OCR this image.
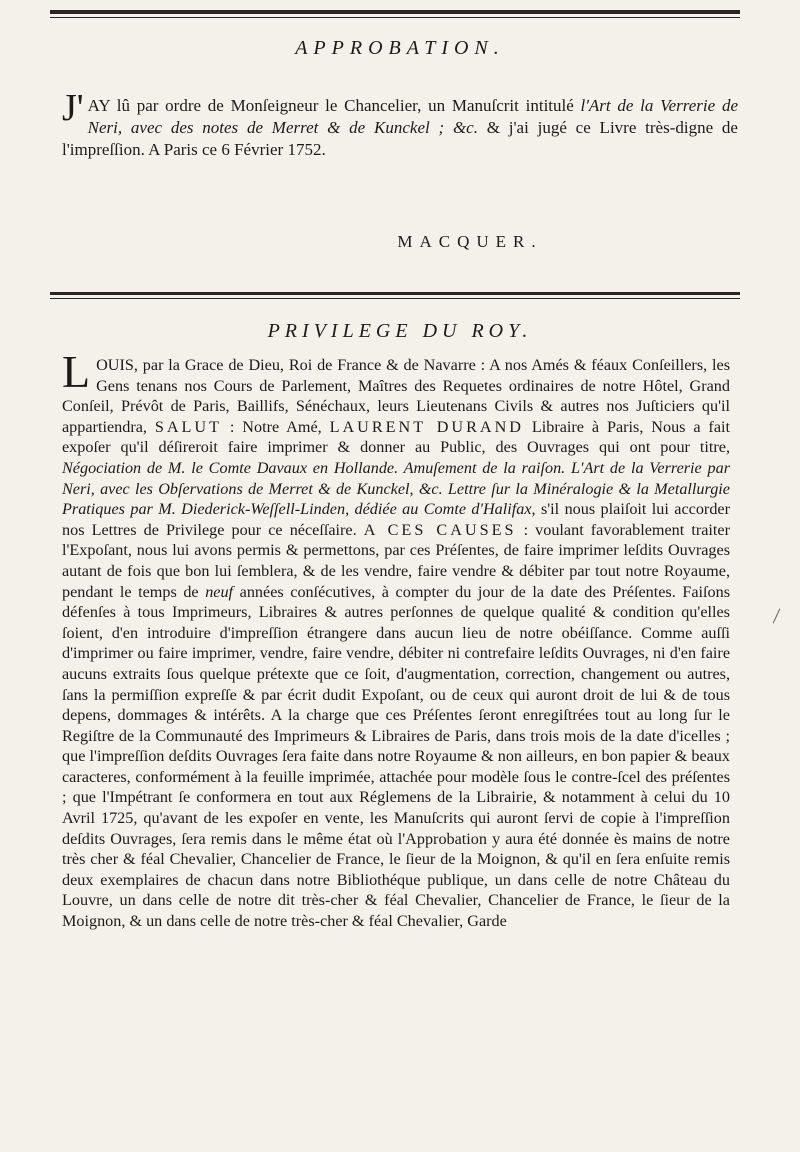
APPROBATION.
J' AY lû par ordre de Monſeigneur le Chancelier, un Manuſcrit intitulé l'Art de la Verrerie de Neri, avec des notes de Merret & de Kunckel ; &c. & j'ai jugé ce Livre très-digne de l'impreſſion. A Paris ce 6 Février 1752.
MACQUER.
PRIVILEGE DU ROY.
LOUIS, par la Grace de Dieu, Roi de France & de Navarre : A nos Amés & féaux Conſeillers, les Gens tenans nos Cours de Parlement, Maîtres des Requetes ordinaires de notre Hôtel, Grand Conſeil, Prévôt de Paris, Baillifs, Sénéchaux, leurs Lieutenans Civils & autres nos Juſticiers qu'il appartiendra, SALUT : Notre Amé, LAURENT DURAND Libraire à Paris, Nous a fait expoſer qu'il déſireroit faire imprimer & donner au Public, des Ouvrages qui ont pour titre, Négociation de M. le Comte Davaux en Hollande. Amuſement de la raiſon. L'Art de la Verrerie par Neri, avec les Obſervations de Merret & de Kunckel, &c. Lettre ſur la Minéralogie & la Metallurgie Pratiques par M. Diederick-Weſſell-Linden, dédiée au Comte d'Halifax, s'il nous plaiſoit lui accorder nos Lettres de Privilege pour ce néceſſaire. A CES CAUSES : voulant favorablement traiter l'Expoſant, nous lui avons permis & permettons, par ces Préſentes, de faire imprimer leſdits Ouvrages autant de fois que bon lui ſemblera, & de les vendre, faire vendre & débiter par tout notre Royaume, pendant le temps de neuf années conſécutives, à compter du jour de la date des Préſentes. Faiſons défenſes à tous Imprimeurs, Libraires & autres perſonnes de quelque qualité & condition qu'elles ſoient, d'en introduire d'impreſſion étrangere dans aucun lieu de notre obéiſſance. Comme auſſi d'imprimer ou faire imprimer, vendre, faire vendre, débiter ni contrefaire leſdits Ouvrages, ni d'en faire aucuns extraits ſous quelque prétexte que ce ſoit, d'augmentation, correction, changement ou autres, ſans la permiſſion expreſſe & par écrit dudit Expoſant, ou de ceux qui auront droit de lui & de tous depens, dommages & intérêts. A la charge que ces Préſentes ſeront enregiſtrées tout au long ſur le Regiſtre de la Communauté des Imprimeurs & Libraires de Paris, dans trois mois de la date d'icelles ; que l'impreſſion deſdits Ouvrages ſera faite dans notre Royaume & non ailleurs, en bon papier & beaux caracteres, conformément à la feuille imprimée, attachée pour modèle ſous le contre-ſcel des préſentes ; que l'Impétrant ſe conformera en tout aux Réglemens de la Librairie, & notamment à celui du 10 Avril 1725, qu'avant de les expoſer en vente, les Manuſcrits qui auront ſervi de copie à l'impreſſion deſdits Ouvrages, ſera remis dans le même état où l'Approbation y aura été donnée ès mains de notre très cher & féal Chevalier, Chancelier de France, le ſieur de la Moignon, & qu'il en ſera enſuite remis deux exemplaires de chacun dans notre Bibliothéque publique, un dans celle de notre Château du Louvre, un dans celle de notre dit très-cher & féal Chevalier, Chancelier de France, le ſieur de la Moignon, & un dans celle de notre très-cher & féal Chevalier, Garde
